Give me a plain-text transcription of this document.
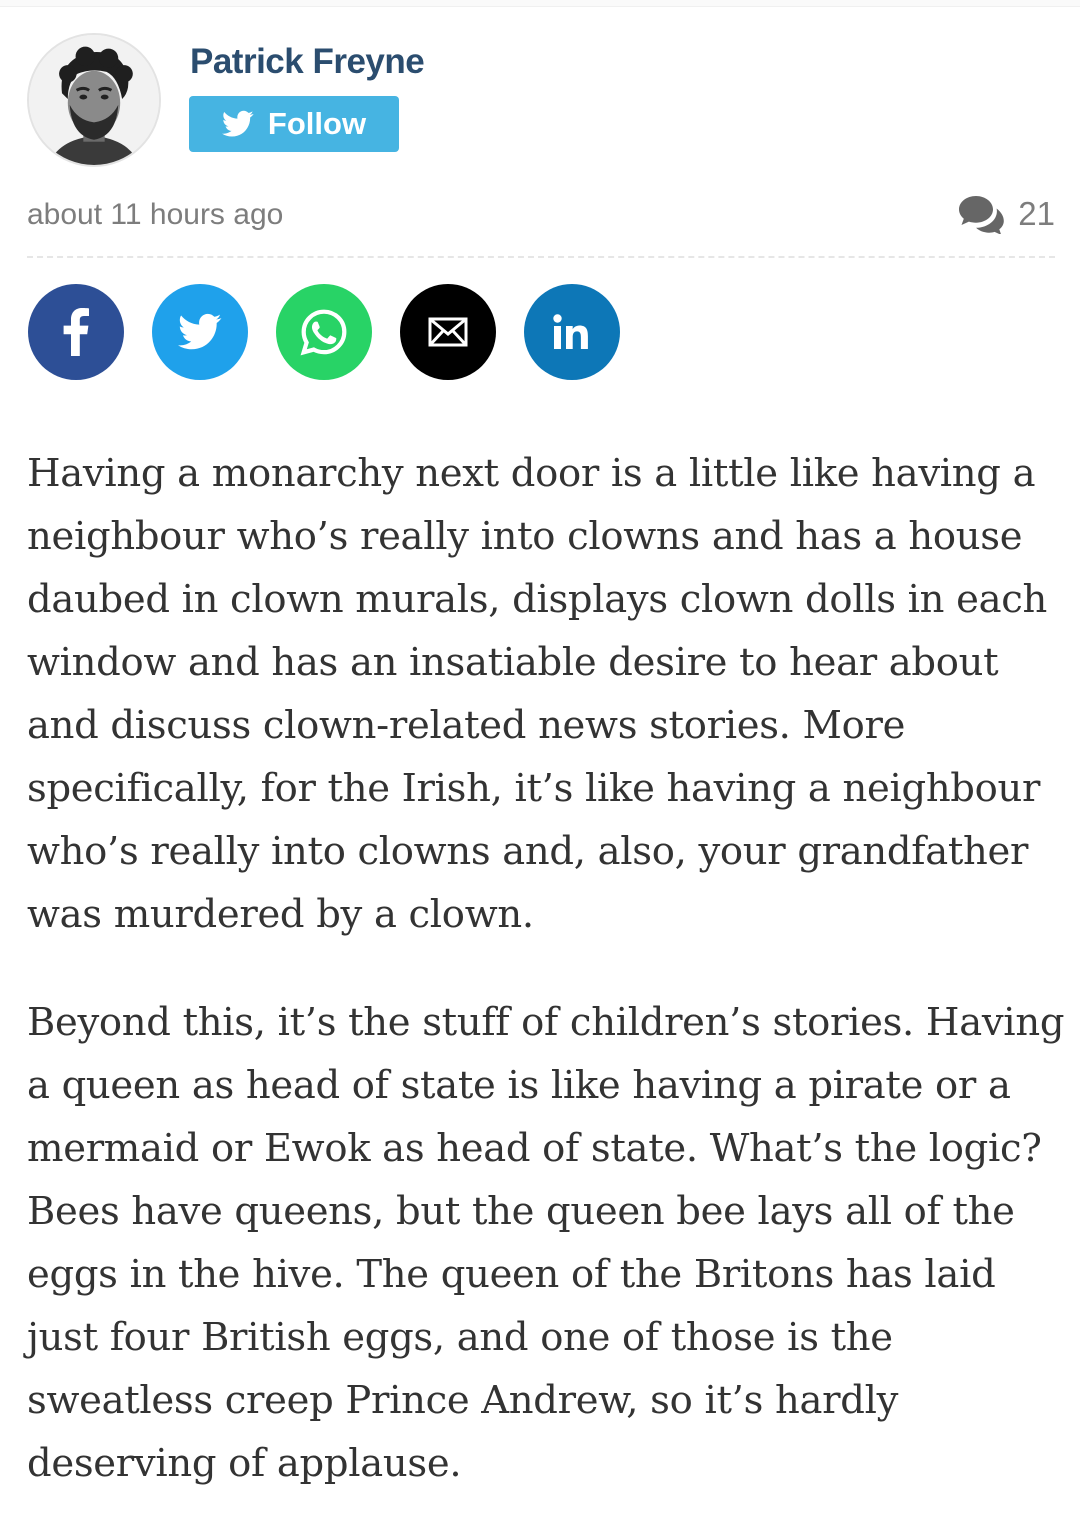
Patrick Freyne
Follow
about 11 hours ago	21

Having a monarchy next door is a little like having a neighbour who’s really into clowns and has a house daubed in clown murals, displays clown dolls in each window and has an insatiable desire to hear about and discuss clown-related news stories. More specifically, for the Irish, it’s like having a neighbour who’s really into clowns and, also, your grandfather was murdered by a clown.

Beyond this, it’s the stuff of children’s stories. Having a queen as head of state is like having a pirate or a mermaid or Ewok as head of state. What’s the logic? Bees have queens, but the queen bee lays all of the eggs in the hive. The queen of the Britons has laid just four British eggs, and one of those is the sweatless creep Prince Andrew, so it’s hardly deserving of applause.
